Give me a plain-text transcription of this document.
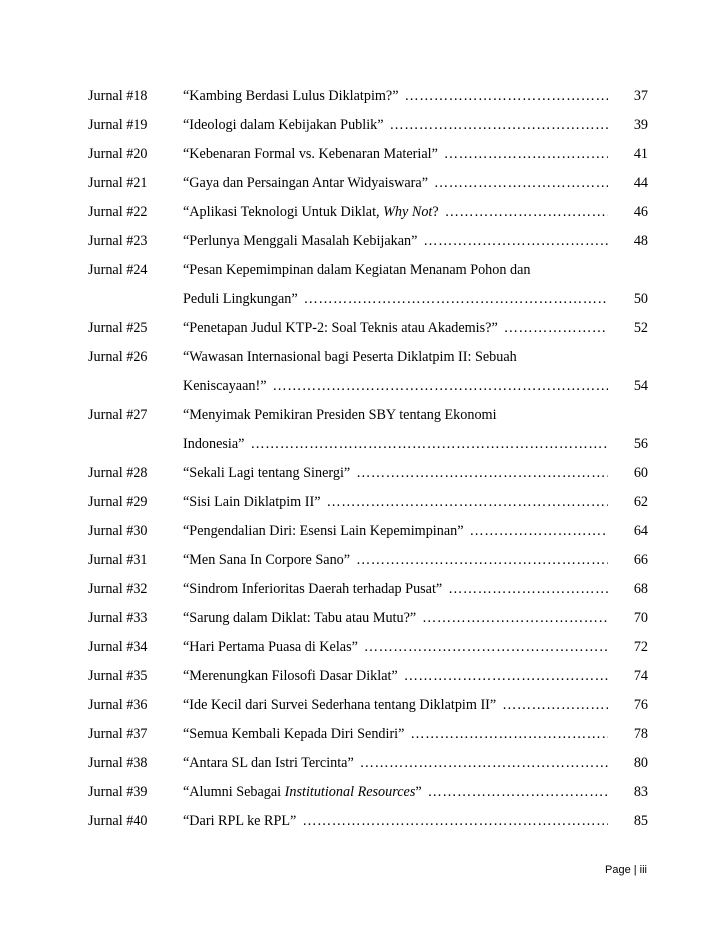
Jurnal #18	“Kambing Berdasi Lulus Diklatpim?” ………………………………………………………………………………………………………………	37
Jurnal #19	“Ideologi dalam Kebijakan Publik” ………………………………………………………………………………………………………………	39
Jurnal #20	“Kebenaran Formal vs. Kebenaran Material” ………………………………………………………………………………………………………………	41
Jurnal #21	“Gaya dan Persaingan Antar Widyaiswara” ………………………………………………………………………………………………………………	44
Jurnal #22	“Aplikasi Teknologi Untuk Diklat, Why Not? ………………………………………………………………………………………………………………	46
Jurnal #23	“Perlunya Menggali Masalah Kebijakan” ………………………………………………………………………………………………………………	48
Jurnal #24	“Pesan Kepemimpinan dalam Kegiatan Menanam Pohon dan
Peduli Lingkungan” ………………………………………………………………………………………………………………	50
Jurnal #25	“Penetapan Judul KTP-2: Soal Teknis atau Akademis?” ………………………………………………………………………………………………………………	52
Jurnal #26	“Wawasan Internasional bagi Peserta Diklatpim II: Sebuah
Keniscayaan!” ………………………………………………………………………………………………………………	54
Jurnal #27	“Menyimak Pemikiran Presiden SBY tentang Ekonomi
Indonesia” ………………………………………………………………………………………………………………	56
Jurnal #28	“Sekali Lagi tentang Sinergi” ………………………………………………………………………………………………………………	60
Jurnal #29	“Sisi Lain Diklatpim II” ………………………………………………………………………………………………………………	62
Jurnal #30	“Pengendalian Diri: Esensi Lain Kepemimpinan” ………………………………………………………………………………………………………………	64
Jurnal #31	“Men Sana In Corpore Sano” ………………………………………………………………………………………………………………	66
Jurnal #32	“Sindrom Inferioritas Daerah terhadap Pusat” ………………………………………………………………………………………………………………	68
Jurnal #33	“Sarung dalam Diklat: Tabu atau Mutu?” ………………………………………………………………………………………………………………	70
Jurnal #34	“Hari Pertama Puasa di Kelas” ………………………………………………………………………………………………………………	72
Jurnal #35	“Merenungkan Filosofi Dasar Diklat” ………………………………………………………………………………………………………………	74
Jurnal #36	“Ide Kecil dari Survei Sederhana tentang Diklatpim II” ………………………………………………………………………………………………………………	76
Jurnal #37	“Semua Kembali Kepada Diri Sendiri” ………………………………………………………………………………………………………………	78
Jurnal #38	“Antara SL dan Istri Tercinta” ………………………………………………………………………………………………………………	80
Jurnal #39	“Alumni Sebagai Institutional Resources” ………………………………………………………………………………………………………………	83
Jurnal #40	“Dari RPL ke RPL” ………………………………………………………………………………………………………………	85
Page | iii
